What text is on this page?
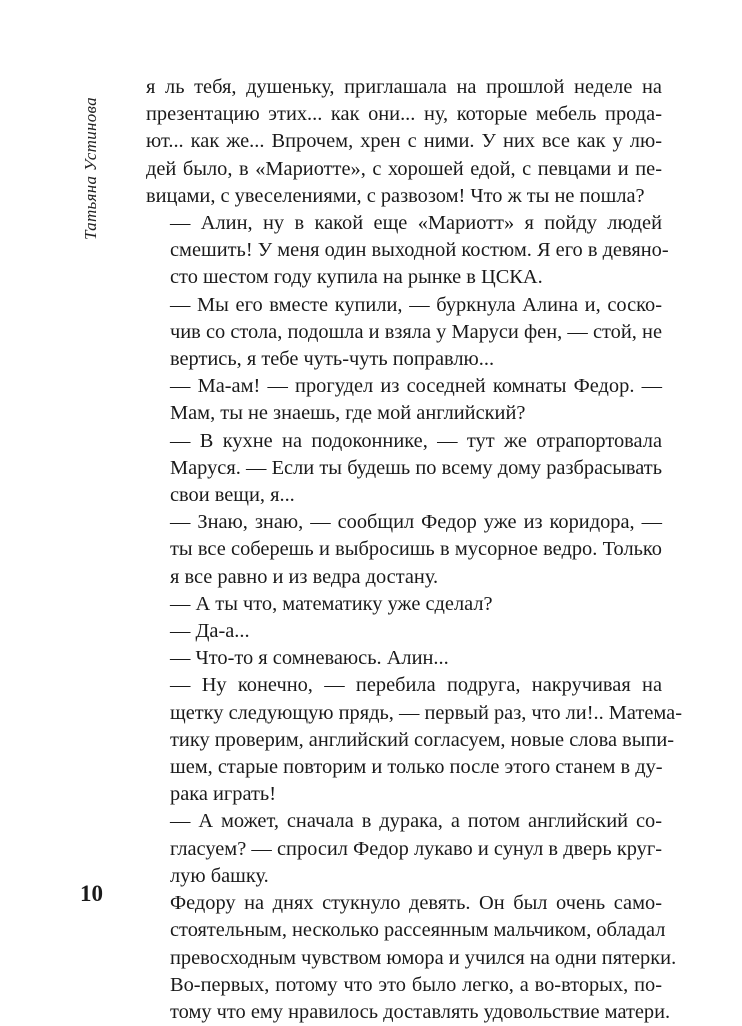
Татьяна Устинова

я ль тебя, душеньку, приглашала на прошлой неделе на
презентацию этих... как они... ну, которые мебель прода-
ют... как же... Впрочем, хрен с ними. У них все как у лю-
дей было, в «Мариотте», с хорошей едой, с певцами и пе-
вицами, с увеселениями, с развозом! Что ж ты не пошла?

— Алин, ну в какой еще «Мариотт» я пойду людей
смешить! У меня один выходной костюм. Я его в девяно-
сто шестом году купила на рынке в ЦСКА.

— Мы его вместе купили, — буркнула Алина и, соско-
чив со стола, подошла и взяла у Маруси фен, — стой, не
вертись, я тебе чуть-чуть поправлю...

— Ма-ам! — прогудел из соседней комнаты Федор. —
Мам, ты не знаешь, где мой английский?

— В кухне на подоконнике, — тут же отрапортовала
Маруся. — Если ты будешь по всему дому разбрасывать
свои вещи, я...

— Знаю, знаю, — сообщил Федор уже из коридора, —
ты все соберешь и выбросишь в мусорное ведро. Только
я все равно и из ведра достану.

— А ты что, математику уже сделал?

— Да-а...

— Что-то я сомневаюсь. Алин...

— Ну конечно, — перебила подруга, накручивая на
щетку следующую прядь, — первый раз, что ли!.. Матема-
тику проверим, английский согласуем, новые слова выпи-
шем, старые повторим и только после этого станем в ду-
рака играть!

— А может, сначала в дурака, а потом английский со-
гласуем? — спросил Федор лукаво и сунул в дверь круг-
лую башку.

Федору на днях стукнуло девять. Он был очень само-
стоятельным, несколько рассеянным мальчиком, обладал
превосходным чувством юмора и учился на одни пятерки.
Во-первых, потому что это было легко, а во-вторых, по-
тому что ему нравилось доставлять удовольствие матери.

10
